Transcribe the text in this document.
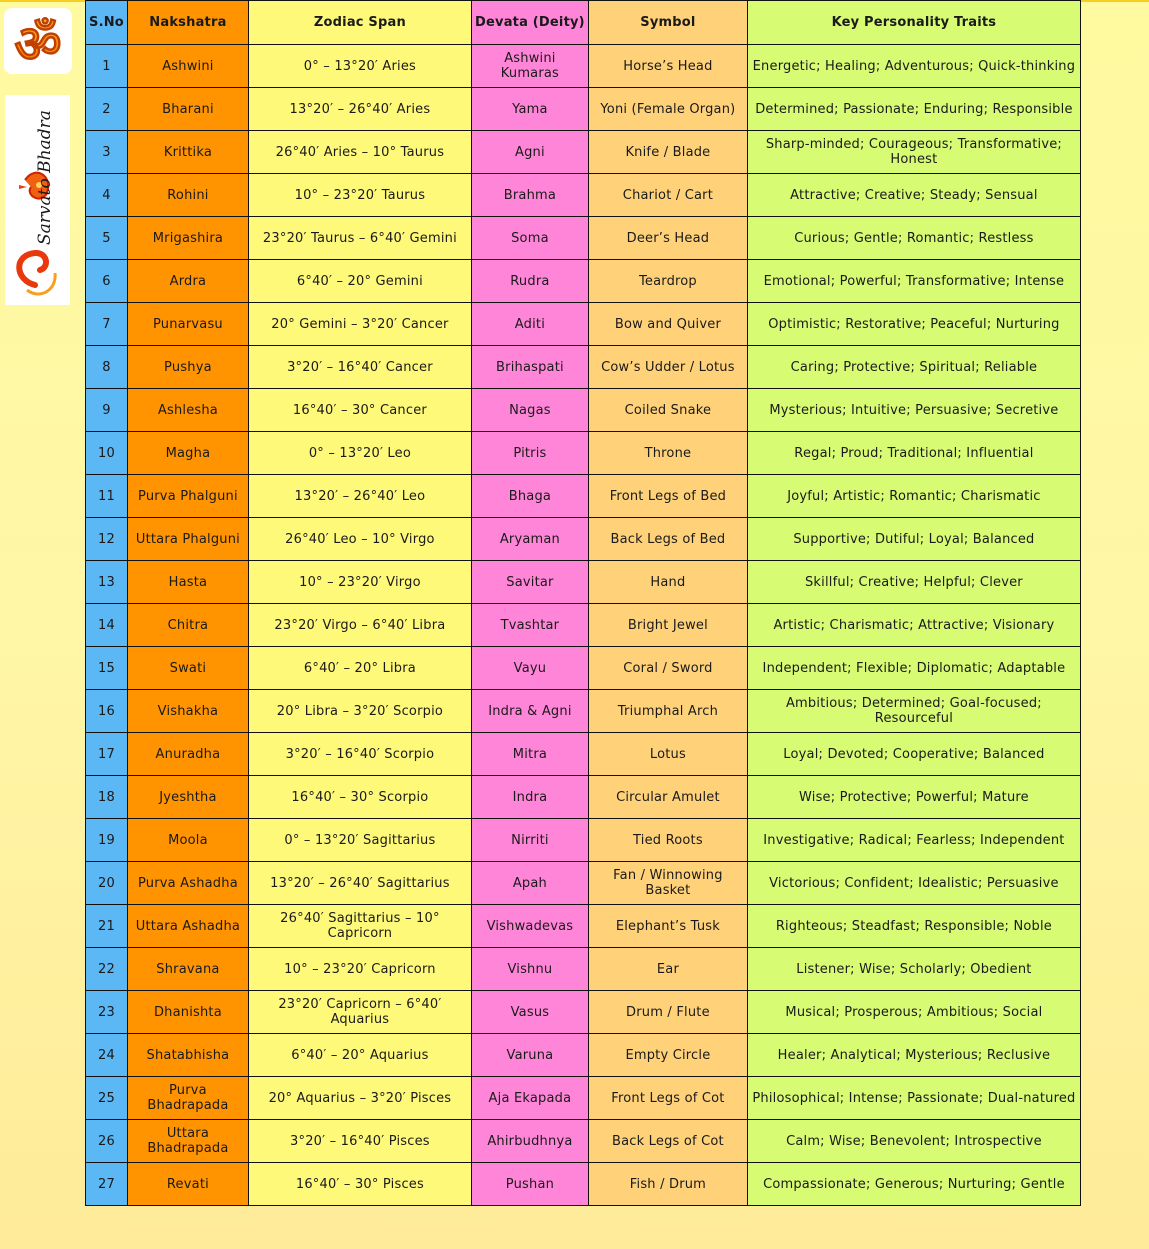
ॐ
Sarvato Bhadra
S.No	Nakshatra	Zodiac Span	Devata (Deity)	Symbol	Key Personality Traits
1	Ashwini	0° – 13°20′ Aries	Ashwini Kumaras	Horse’s Head	Energetic; Healing; Adventurous; Quick-thinking
2	Bharani	13°20′ – 26°40′ Aries	Yama	Yoni (Female Organ)	Determined; Passionate; Enduring; Responsible
3	Krittika	26°40′ Aries – 10° Taurus	Agni	Knife / Blade	Sharp-minded; Courageous; Transformative; Honest
4	Rohini	10° – 23°20′ Taurus	Brahma	Chariot / Cart	Attractive; Creative; Steady; Sensual
5	Mrigashira	23°20′ Taurus – 6°40′ Gemini	Soma	Deer’s Head	Curious; Gentle; Romantic; Restless
6	Ardra	6°40′ – 20° Gemini	Rudra	Teardrop	Emotional; Powerful; Transformative; Intense
7	Punarvasu	20° Gemini – 3°20′ Cancer	Aditi	Bow and Quiver	Optimistic; Restorative; Peaceful; Nurturing
8	Pushya	3°20′ – 16°40′ Cancer	Brihaspati	Cow’s Udder / Lotus	Caring; Protective; Spiritual; Reliable
9	Ashlesha	16°40′ – 30° Cancer	Nagas	Coiled Snake	Mysterious; Intuitive; Persuasive; Secretive
10	Magha	0° – 13°20′ Leo	Pitris	Throne	Regal; Proud; Traditional; Influential
11	Purva Phalguni	13°20′ – 26°40′ Leo	Bhaga	Front Legs of Bed	Joyful; Artistic; Romantic; Charismatic
12	Uttara Phalguni	26°40′ Leo – 10° Virgo	Aryaman	Back Legs of Bed	Supportive; Dutiful; Loyal; Balanced
13	Hasta	10° – 23°20′ Virgo	Savitar	Hand	Skillful; Creative; Helpful; Clever
14	Chitra	23°20′ Virgo – 6°40′ Libra	Tvashtar	Bright Jewel	Artistic; Charismatic; Attractive; Visionary
15	Swati	6°40′ – 20° Libra	Vayu	Coral / Sword	Independent; Flexible; Diplomatic; Adaptable
16	Vishakha	20° Libra – 3°20′ Scorpio	Indra & Agni	Triumphal Arch	Ambitious; Determined; Goal-focused; Resourceful
17	Anuradha	3°20′ – 16°40′ Scorpio	Mitra	Lotus	Loyal; Devoted; Cooperative; Balanced
18	Jyeshtha	16°40′ – 30° Scorpio	Indra	Circular Amulet	Wise; Protective; Powerful; Mature
19	Moola	0° – 13°20′ Sagittarius	Nirriti	Tied Roots	Investigative; Radical; Fearless; Independent
20	Purva Ashadha	13°20′ – 26°40′ Sagittarius	Apah	Fan / Winnowing Basket	Victorious; Confident; Idealistic; Persuasive
21	Uttara Ashadha	26°40′ Sagittarius – 10° Capricorn	Vishwadevas	Elephant’s Tusk	Righteous; Steadfast; Responsible; Noble
22	Shravana	10° – 23°20′ Capricorn	Vishnu	Ear	Listener; Wise; Scholarly; Obedient
23	Dhanishta	23°20′ Capricorn – 6°40′ Aquarius	Vasus	Drum / Flute	Musical; Prosperous; Ambitious; Social
24	Shatabhisha	6°40′ – 20° Aquarius	Varuna	Empty Circle	Healer; Analytical; Mysterious; Reclusive
25	Purva Bhadrapada	20° Aquarius – 3°20′ Pisces	Aja Ekapada	Front Legs of Cot	Philosophical; Intense; Passionate; Dual-natured
26	Uttara Bhadrapada	3°20′ – 16°40′ Pisces	Ahirbudhnya	Back Legs of Cot	Calm; Wise; Benevolent; Introspective
27	Revati	16°40′ – 30° Pisces	Pushan	Fish / Drum	Compassionate; Generous; Nurturing; Gentle
